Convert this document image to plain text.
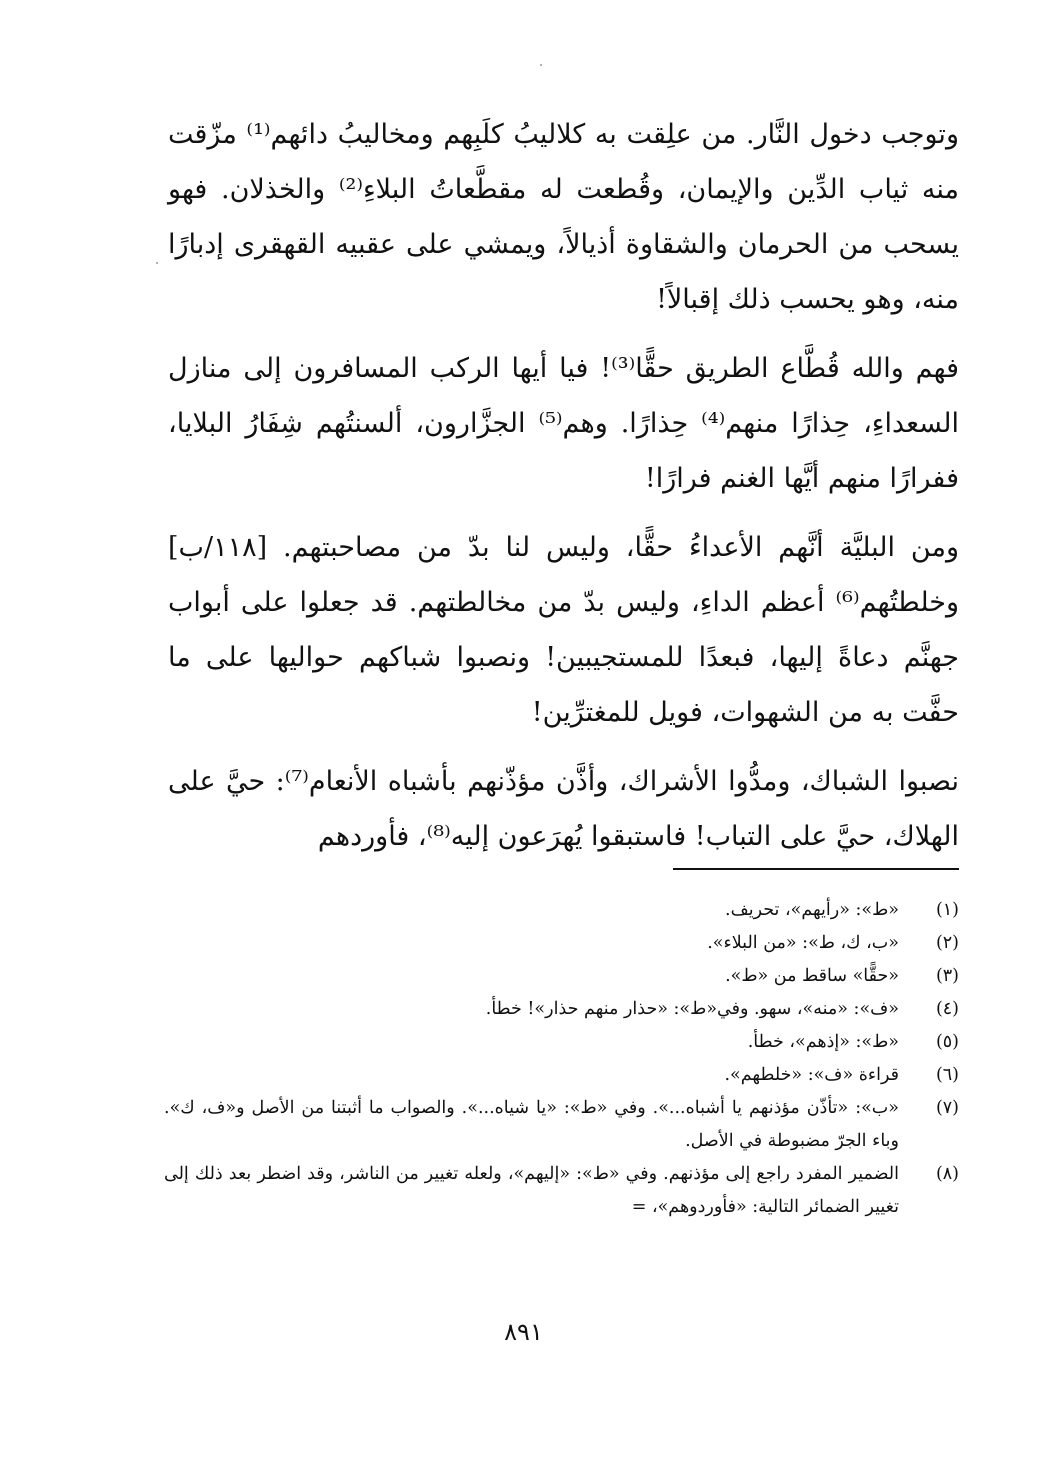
وتوجب دخول النَّار. من علِقت به كلاليبُ كلَبِهم ومخاليبُ دائهم⁽¹⁾ مزّقت منه ثياب الدِّين والإيمان، وقُطعت له مقطَّعاتُ البلاءِ⁽²⁾ والخذلان. فهو يسحب من الحرمان والشقاوة أذيالاً، ويمشي على عقبيه القهقرى إدبارًا منه، وهو يحسب ذلك إقبالاً!

فهم والله قُطَّاع الطريق حقًّا⁽³⁾! فيا أيها الركب المسافرون إلى منازل السعداءِ، حِذارًا منهم⁽⁴⁾ حِذارًا. وهم⁽⁵⁾ الجزَّارون، ألسنتُهم شِفَارُ البلايا، ففرارًا منهم أيَّها الغنم فرارًا!

ومن البليَّة أنَّهم الأعداءُ حقًّا، وليس لنا بدّ من مصاحبتهم. [١١٨/ب] وخلطتُهم⁽⁶⁾ أعظم الداءِ، وليس بدّ من مخالطتهم. قد جعلوا على أبواب جهنَّم دعاةً إليها، فبعدًا للمستجيبين! ونصبوا شباكهم حواليها على ما حفَّت به من الشهوات، فويل للمغترِّين!

نصبوا الشباك، ومدُّوا الأشراك، وأذَّن مؤذّنهم بأشباه الأنعام⁽⁷⁾: حيَّ على الهلاك، حيَّ على التباب! فاستبقوا يُهرَعون إليه⁽⁸⁾، فأوردهم

(١)
«ط»: «رأيهم»، تحريف.
(٢)
«ب، ك، ط»: «من البلاء».
(٣)
«حقًّا» ساقط من «ط».
(٤)
«ف»: «منه»، سهو. وفي«ط»: «حذار منهم حذار»! خطأ.
(٥)
«ط»: «إذهم»، خطأ.
(٦)
قراءة «ف»: «خلطهم».
(٧)
«ب»: «تأذّن مؤذنهم يا أشباه...». وفي «ط»: «يا شياه...». والصواب ما أثبتنا من الأصل و«ف، ك». وباء الجرّ مضبوطة في الأصل.
(٨)
الضمير المفرد راجع إلى مؤذنهم. وفي «ط»: «إليهم»، ولعله تغيير من الناشر، وقد اضطر بعد ذلك إلى تغيير الضمائر التالية: «فأوردوهم»، =
٨٩١
